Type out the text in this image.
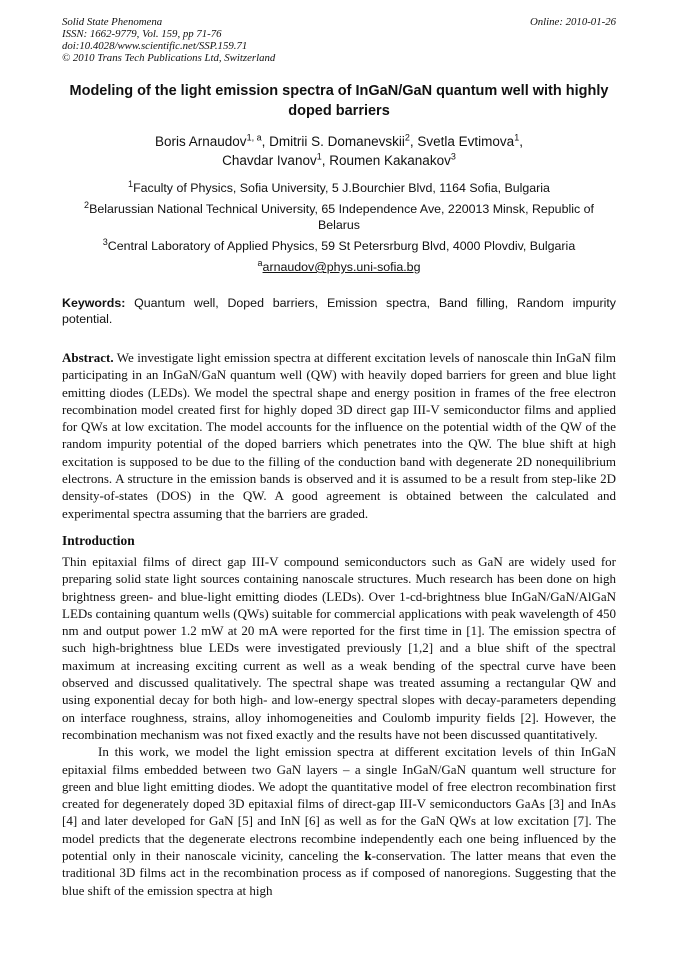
Solid State Phenomena
ISSN: 1662-9779, Vol. 159, pp 71-76
doi:10.4028/www.scientific.net/SSP.159.71
© 2010 Trans Tech Publications Ltd, Switzerland
Online: 2010-01-26
Modeling of the light emission spectra of InGaN/GaN quantum well with highly doped barriers
Boris Arnaudov$^{1, a}$, Dmitrii S. Domanevskii$^2$, Svetla Evtimova$^1$,
Chavdar Ivanov$^1$, Roumen Kakanakov$^3$
$^1$Faculty of Physics, Sofia University, 5 J.Bourchier Blvd, 1164 Sofia, Bulgaria
$^2$Belarussian National Technical University, 65 Independence Ave, 220013 Minsk, Republic of Belarus
$^3$Central Laboratory of Applied Physics, 59 St Petersrburg Blvd, 4000 Plovdiv, Bulgaria
$^a$arnaudov@phys.uni-sofia.bg
Keywords: Quantum well, Doped barriers, Emission spectra, Band filling, Random impurity potential.
Abstract. We investigate light emission spectra at different excitation levels of nanoscale thin InGaN film participating in an InGaN/GaN quantum well (QW) with heavily doped barriers for green and blue light emitting diodes (LEDs). We model the spectral shape and energy position in frames of the free electron recombination model created first for highly doped 3D direct gap III-V semiconductor films and applied for QWs at low excitation. The model accounts for the influence on the potential width of the QW of the random impurity potential of the doped barriers which penetrates into the QW. The blue shift at high excitation is supposed to be due to the filling of the conduction band with degenerate 2D nonequilibrium electrons. A structure in the emission bands is observed and it is assumed to be a result from step-like 2D density-of-states (DOS) in the QW. A good agreement is obtained between the calculated and experimental spectra assuming that the barriers are graded.
Introduction
Thin epitaxial films of direct gap III-V compound semiconductors such as GaN are widely used for preparing solid state light sources containing nanoscale structures. Much research has been done on high brightness green- and blue-light emitting diodes (LEDs). Over 1-cd-brightness blue InGaN/GaN/AlGaN LEDs containing quantum wells (QWs) suitable for commercial applications with peak wavelength of 450 nm and output power 1.2 mW at 20 mA were reported for the first time in [1]. The emission spectra of such high-brightness blue LEDs were investigated previously [1,2] and a blue shift of the spectral maximum at increasing exciting current as well as a weak bending of the spectral curve have been observed and discussed qualitatively. The spectral shape was treated assuming a rectangular QW and using exponential decay for both high- and low-energy spectral slopes with decay-parameters depending on interface roughness, strains, alloy inhomogeneities and Coulomb impurity fields [2]. However, the recombination mechanism was not fixed exactly and the results have not been discussed quantitatively.
In this work, we model the light emission spectra at different excitation levels of thin InGaN epitaxial films embedded between two GaN layers – a single InGaN/GaN quantum well structure for green and blue light emitting diodes. We adopt the quantitative model of free electron recombination first created for degenerately doped 3D epitaxial films of direct-gap III-V semiconductors GaAs [3] and InAs [4] and later developed for GaN [5] and InN [6] as well as for the GaN QWs at low excitation [7]. The model predicts that the degenerate electrons recombine independently each one being influenced by the potential only in their nanoscale vicinity, canceling the k-conservation. The latter means that even the traditional 3D films act in the recombination process as if composed of nanoregions. Suggesting that the blue shift of the emission spectra at high
